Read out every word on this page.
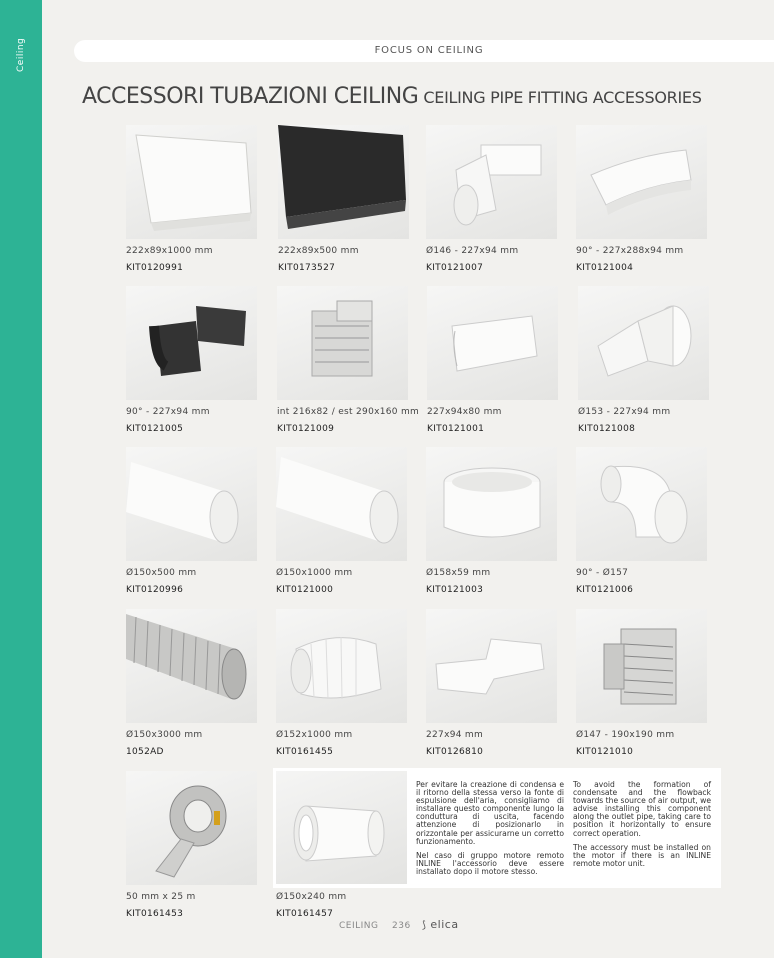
Ceiling	FOCUS ON CEILING
ACCESSORI TUBAZIONI CEILING CEILING PIPE FITTING ACCESSORIES
222x89x1000 mm
KIT0120991
222x89x500 mm
KIT0173527
Ø146 - 227x94 mm
KIT0121007
90° - 227x288x94 mm
KIT0121004
90° - 227x94 mm
KIT0121005
int 216x82 / est 290x160 mm
KIT0121009
227x94x80 mm
KIT0121001
Ø153 - 227x94 mm
KIT0121008
Ø150x500 mm
KIT0120996
Ø150x1000 mm
KIT0121000
Ø158x59 mm
KIT0121003
90° - Ø157
KIT0121006
Ø150x3000 mm
1052AD
Ø152x1000 mm
KIT0161455
227x94 mm
KIT0126810
Ø147 - 190x190 mm
KIT0121010
50 mm x 25 m
KIT0161453

Per evitare la creazione di condensa e il ritorno della stessa verso la fonte di espulsione dell'aria, consigliamo di installare questo componente lungo la conduttura di uscita, facendo attenzione di posizionarlo in orizzontale per assicurarne un corretto funzionamento.

Nel caso di gruppo motore remoto INLINE l'accessorio deve essere installato dopo il motore stesso.

To avoid the formation of condensate and the flowback towards the source of air output, we advise installing this component along the outlet pipe, taking care to position it horizontally to ensure correct operation.

The accessory must be installed on the motor if there is an INLINE remote motor unit.

Ø150x240 mm
KIT0161457
CEILING 236 ⟆ elica
